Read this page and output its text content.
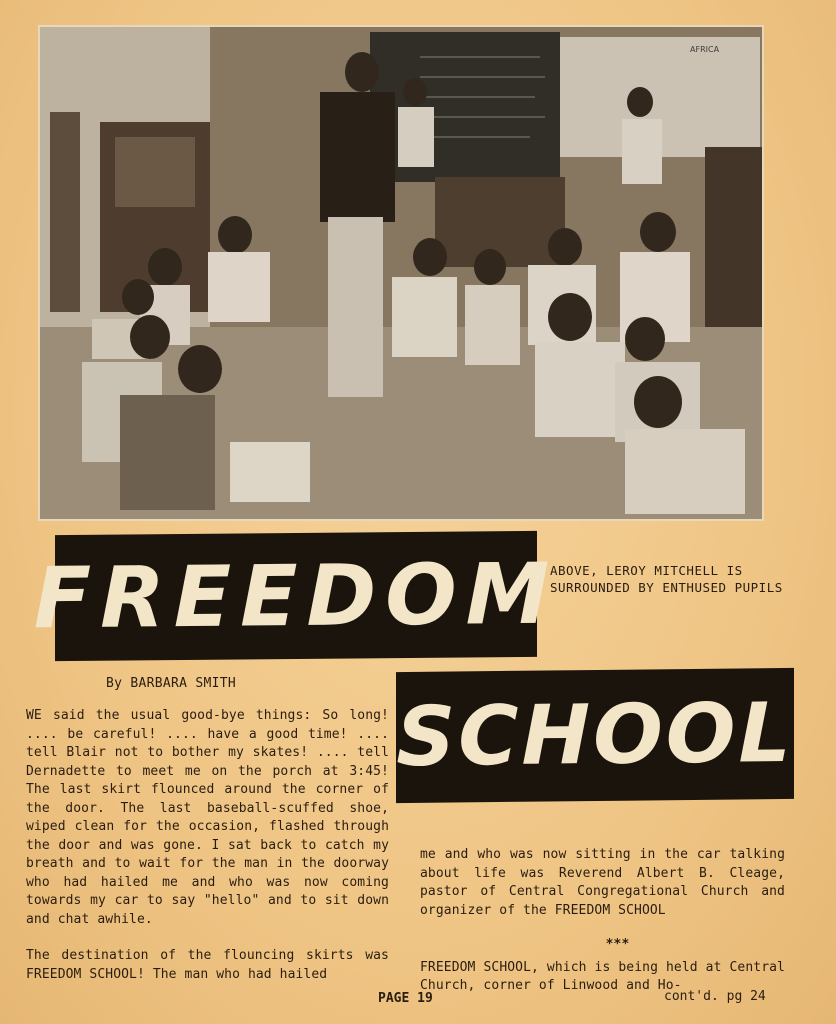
AFRICA
FREEDOM
ABOVE, LEROY MITCHELL IS SURROUNDED BY ENTHUSED PUPILS
By BARBARA SMITH
SCHOOL

WE said the usual good-bye things: So long! .... be careful! .... have a good time! .... tell Blair not to bother my skates! .... tell Dernadette to meet me on the porch at 3:45! The last skirt flounced around the corner of the door. The last baseball-scuffed shoe, wiped clean for the occasion, flashed through the door and was gone. I sat back to catch my breath and to wait for the man in the doorway who had hailed me and who was now coming towards my car to say "hello" and to sit down and chat awhile.

The destination of the flouncing skirts was FREEDOM SCHOOL! The man who had hailed

me and who was now sitting in the car talking about life was Reverend Albert B. Cleage, pastor of Central Congregational Church and organizer of the FREEDOM SCHOOL

***

FREEDOM SCHOOL, which is being held at Central Church, corner of Linwood and Ho-

PAGE 19	cont'd. pg 24
